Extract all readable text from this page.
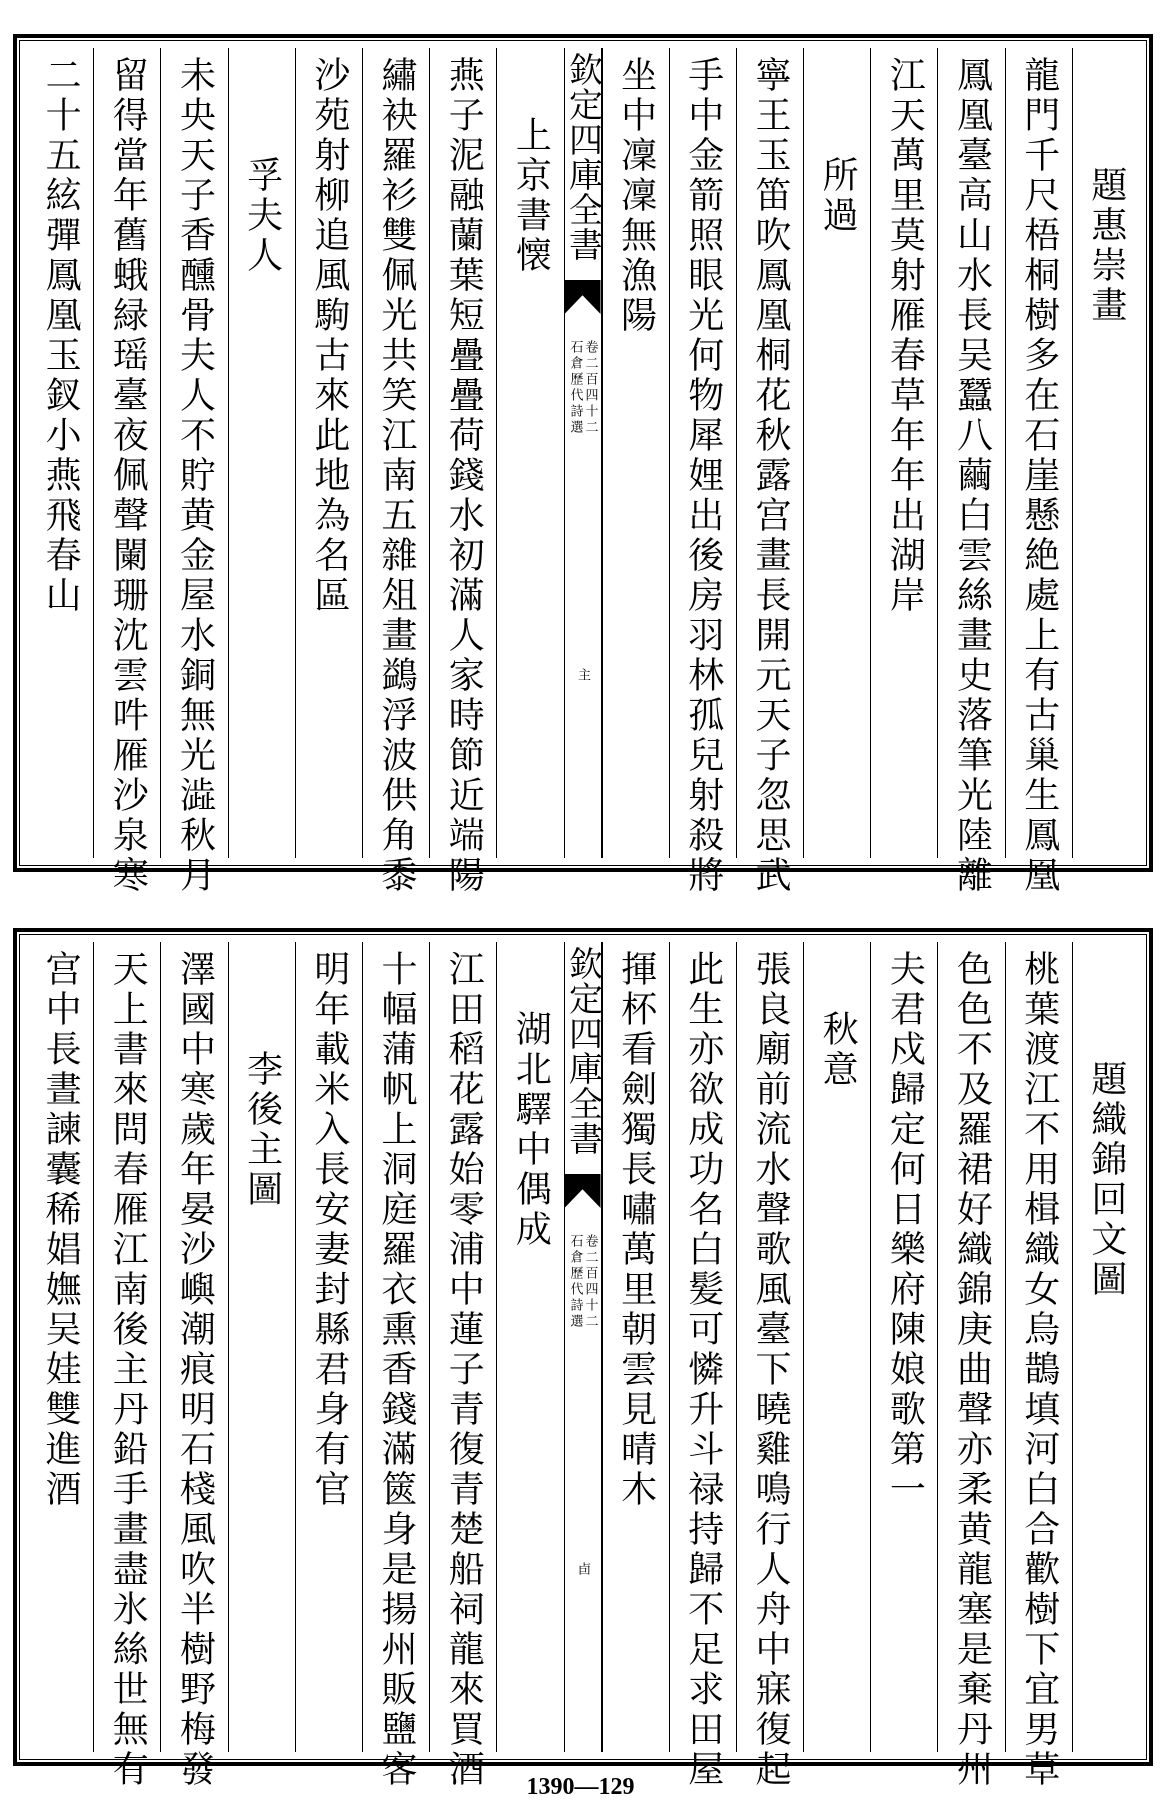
題惠崇畫
龍門千尺梧桐樹多在石崖懸絶處上有古巢生鳳凰
鳳凰臺高山水長吴蠶八繭白雲絲畫史落筆光陸離
江天萬里莫射雁春草年年出湖岸
所過
寧王玉笛吹鳳凰桐花秋露宫畫長開元天子忽思武
手中金箭照眼光何物犀娌出後房羽林孤兒射殺將
坐中凜凜無漁陽
欽定四庫全書
石倉歷代詩選 卷二百四十二
主
上京書懐
燕子泥融蘭葉短疊疊荷錢水初滿人家時節近端陽
繡袂羅衫雙佩光共笑江南五雜俎畫鷁浮波供角黍
沙苑射柳追風駒古來此地為名區
孚夫人
未央天子香醺骨夫人不貯黄金屋水銅無光澁秋月
留得當年舊蛾緑瑶臺夜佩聲闌珊沈雲吽雁沙泉寒
二十五絃彈鳳凰玉釵小燕飛春山
題織錦回文圖
桃葉渡江不用楫織女烏鵲填河白合歡樹下宜男草
色色不及羅裙好織錦庚曲聲亦柔黄龍塞是棄丹州
夫君戍歸定何日樂府陳娘歌第一
秋意
張良廟前流水聲歌風臺下曉雞鳴行人舟中寐復起
此生亦欲成功名白髪可憐升斗禄持歸不足求田屋
揮杯看劍獨長嘯萬里朝雲見晴木
欽定四庫全書
石倉歷代詩選 卷二百四十二
卣
湖北驛中偶成
江田稻花露始零浦中蓮子青復青楚船祠龍來買酒
十幅蒲帆上洞庭羅衣熏香錢滿篋身是揚州販鹽客
明年載米入長安妻封縣君身有官
李後主圖
澤國中寒歲年晏沙嶼潮痕明石棧風吹半樹野梅發
天上書來問春雁江南後主丹鉛手畫盡氷絲世無有
宫中長晝諫囊稀娼嫵吴娃雙進酒
1390—129
